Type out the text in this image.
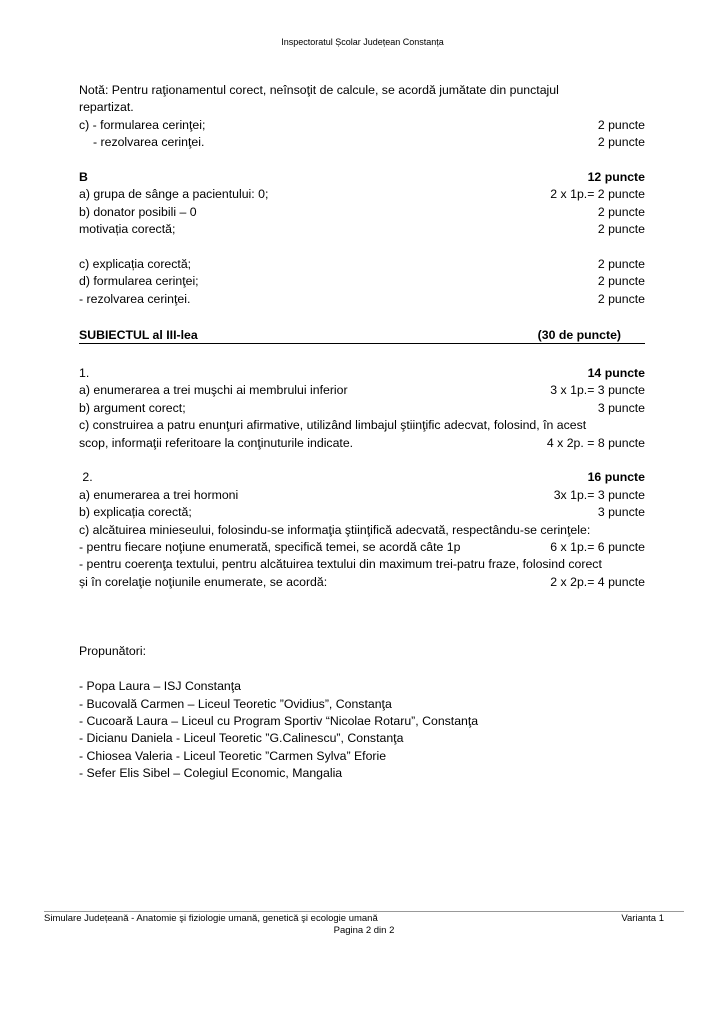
Inspectoratul Școlar Județean Constanța
Notă: Pentru raţionamentul corect, neînsoţit de calcule, se acordă jumătate din punctajul
repartizat.
c) - formularea cerinţei;	2 puncte
- rezolvarea cerinţei.	2 puncte
B	12 puncte
a) grupa de sânge a pacientului: 0;	2 x 1p.= 2 puncte
b) donator posibili – 0	2 puncte
motivația corectă;	2 puncte
c) explicația corectă;	2 puncte
d) formularea cerinţei;	2 puncte
- rezolvarea cerinţei.	2 puncte
SUBIECTUL al III-lea	(30 de puncte)
1.	14 puncte
a) enumerarea a trei muşchi ai membrului inferior	3 x 1p.= 3 puncte
b) argument corect;	3 puncte
c) construirea a patru enunţuri afirmative, utilizând limbajul ştiinţific adecvat, folosind, în acest
scop, informaţii referitoare la conţinuturile indicate.	4 x 2p. = 8 puncte
2.	16 puncte
a) enumerarea a trei hormoni	3x 1p.= 3 puncte
b) explicația corectă;	3 puncte
c) alcătuirea minieseului, folosindu-se informaţia ştiinţifică adecvată, respectându-se cerinţele:
- pentru fiecare noţiune enumerată, specifică temei, se acordă câte 1p	6 x 1p.= 6 puncte
- pentru coerenţa textului, pentru alcătuirea textului din maximum trei-patru fraze, folosind corect
și în corelaţie noţiunile enumerate, se acordă:	2 x 2p.= 4 puncte
Propunători:
- Popa Laura – ISJ Constanţa
- Bucovală Carmen – Liceul Teoretic ”Ovidius”, Constanţa
- Cucoară Laura – Liceul cu Program Sportiv “Nicolae Rotaru”, Constanţa
- Dicianu Daniela - Liceul Teoretic ”G.Calinescu”, Constanţa
- Chiosea Valeria - Liceul Teoretic ”Carmen Sylva” Eforie
- Sefer Elis Sibel – Colegiul Economic, Mangalia
Simulare Județeană - Anatomie şi fiziologie umană, genetică şi ecologie umană	Varianta 1
Pagina 2 din 2
